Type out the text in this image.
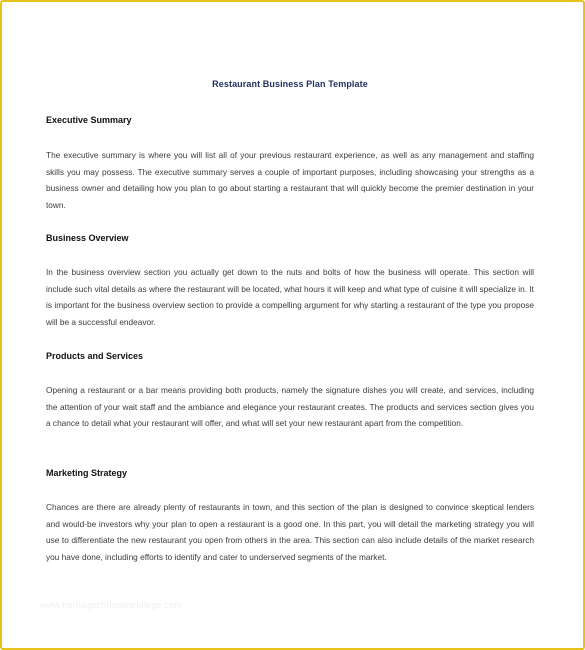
Restaurant Business Plan Template
Executive Summary
The executive summary is where you will list all of your previous restaurant experience, as well as any management and staffing skills you may possess. The executive summary serves a couple of important purposes, including showcasing your strengths as a business owner and detailing how you plan to go about starting a restaurant that will quickly become the premier destination in your town.
Business Overview
In the business overview section you actually get down to the nuts and bolts of how the business will operate. This section will include such vital details as where the restaurant will be located, what hours it will keep and what type of cuisine it will specialize in. It is important for the business overview section to provide a compelling argument for why starting a restaurant of the type you propose will be a successful endeavor.
Products and Services
Opening a restaurant or a bar means providing both products, namely the signature dishes you will create, and services, including the attention of your wait staff and the ambiance and elegance your restaurant creates. The products and services section gives you a chance to detail what your restaurant will offer, and what will set your new restaurant apart from the competition.
Marketing Strategy
Chances are there are already plenty of restaurants in town, and this section of the plan is designed to convince skeptical lenders and would-be investors why your plan to open a restaurant is a good one. In this part, you will detail the marketing strategy you will use to differentiate the new restaurant you open from others in the area. This section can also include details of the market research you have done, including efforts to identify and cater to underserved segments of the market.
www.heritagechristiancollege.com
